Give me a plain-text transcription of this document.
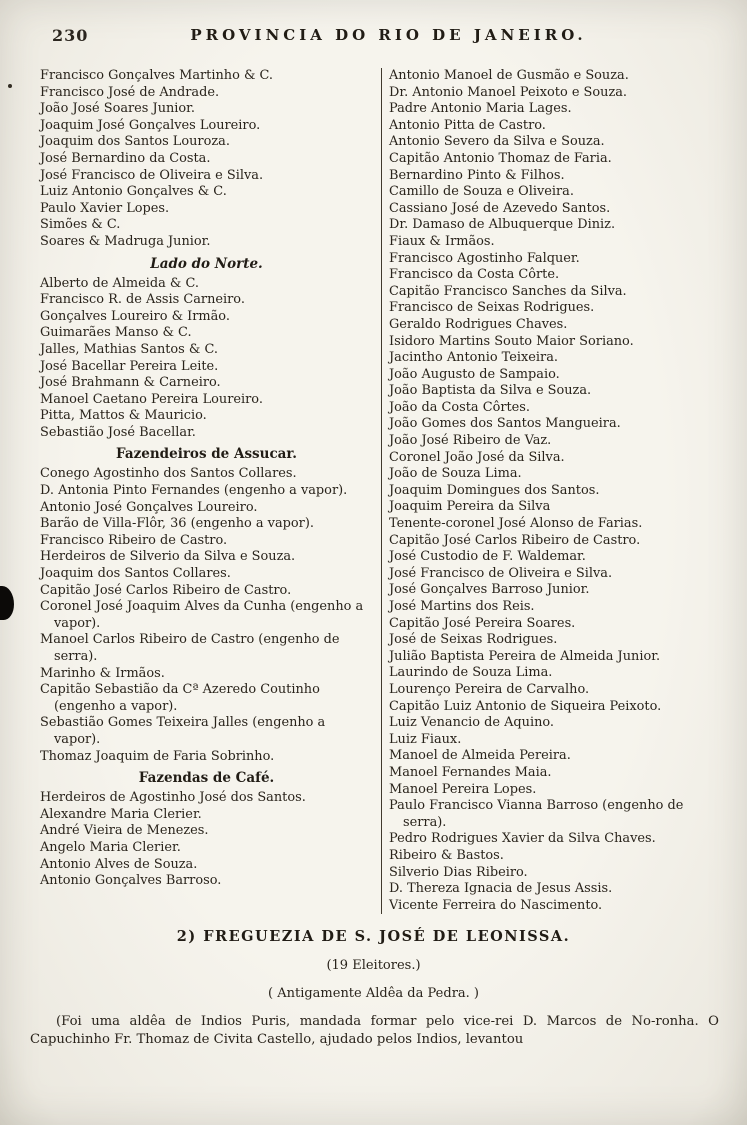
230	PROVINCIA DO RIO DE JANEIRO.
Francisco Gonçalves Martinho & C.
Francisco José de Andrade.
João José Soares Junior.
Joaquim José Gonçalves Loureiro.
Joaquim dos Santos Louroza.
José Bernardino da Costa.
José Francisco de Oliveira e Silva.
Luiz Antonio Gonçalves & C.
Paulo Xavier Lopes.
Simões & C.
Soares & Madruga Junior.
Lado do Norte.
Alberto de Almeida & C.
Francisco R. de Assis Carneiro.
Gonçalves Loureiro & Irmão.
Guimarães Manso & C.
Jalles, Mathias Santos & C.
José Bacellar Pereira Leite.
José Brahmann & Carneiro.
Manoel Caetano Pereira Loureiro.
Pitta, Mattos & Mauricio.
Sebastião José Bacellar.
Fazendeiros de Assucar.
Conego Agostinho dos Santos Collares.
D. Antonia Pinto Fernandes (engenho a vapor).
Antonio José Gonçalves Loureiro.
Barão de Villa-Flôr, 36 (engenho a vapor).
Francisco Ribeiro de Castro.
Herdeiros de Silverio da Silva e Souza.
Joaquim dos Santos Collares.
Capitão José Carlos Ribeiro de Castro.
Coronel José Joaquim Alves da Cunha (engenho a vapor).
Manoel Carlos Ribeiro de Castro (engenho de serra).
Marinho & Irmãos.
Capitão Sebastião da Cª Azeredo Coutinho (engenho a vapor).
Sebastião Gomes Teixeira Jalles (engenho a vapor).
Thomaz Joaquim de Faria Sobrinho.
Fazendas de Café.
Herdeiros de Agostinho José dos Santos.
Alexandre Maria Clerier.
André Vieira de Menezes.
Angelo Maria Clerier.
Antonio Alves de Souza.
Antonio Gonçalves Barroso.
Antonio Manoel de Gusmão e Souza.
Dr. Antonio Manoel Peixoto e Souza.
Padre Antonio Maria Lages.
Antonio Pitta de Castro.
Antonio Severo da Silva e Souza.
Capitão Antonio Thomaz de Faria.
Bernardino Pinto & Filhos.
Camillo de Souza e Oliveira.
Cassiano José de Azevedo Santos.
Dr. Damaso de Albuquerque Diniz.
Fiaux & Irmãos.
Francisco Agostinho Falquer.
Francisco da Costa Côrte.
Capitão Francisco Sanches da Silva.
Francisco de Seixas Rodrigues.
Geraldo Rodrigues Chaves.
Isidoro Martins Souto Maior Soriano.
Jacintho Antonio Teixeira.
João Augusto de Sampaio.
João Baptista da Silva e Souza.
João da Costa Côrtes.
João Gomes dos Santos Mangueira.
João José Ribeiro de Vaz.
Coronel João José da Silva.
João de Souza Lima.
Joaquim Domingues dos Santos.
Joaquim Pereira da Silva
Tenente-coronel José Alonso de Farias.
Capitão José Carlos Ribeiro de Castro.
José Custodio de F. Waldemar.
José Francisco de Oliveira e Silva.
José Gonçalves Barroso Junior.
José Martins dos Reis.
Capitão José Pereira Soares.
José de Seixas Rodrigues.
Julião Baptista Pereira de Almeida Junior.
Laurindo de Souza Lima.
Lourenço Pereira de Carvalho.
Capitão Luiz Antonio de Siqueira Peixoto.
Luiz Venancio de Aquino.
Luiz Fiaux.
Manoel de Almeida Pereira.
Manoel Fernandes Maia.
Manoel Pereira Lopes.
Paulo Francisco Vianna Barroso (engenho de serra).
Pedro Rodrigues Xavier da Silva Chaves.
Ribeiro & Bastos.
Silverio Dias Ribeiro.
D. Thereza Ignacia de Jesus Assis.
Vicente Ferreira do Nascimento.
2) FREGUEZIA DE S. JOSÉ DE LEONISSA.
(19 Eleitores.)
( Antigamente Aldêa da Pedra. )

(Foi uma aldêa de Indios Puris, mandada formar pelo vice-rei D. Marcos de No-ronha. O Capuchinho Fr. Thomaz de Civita Castello, ajudado pelos Indios, levantou
